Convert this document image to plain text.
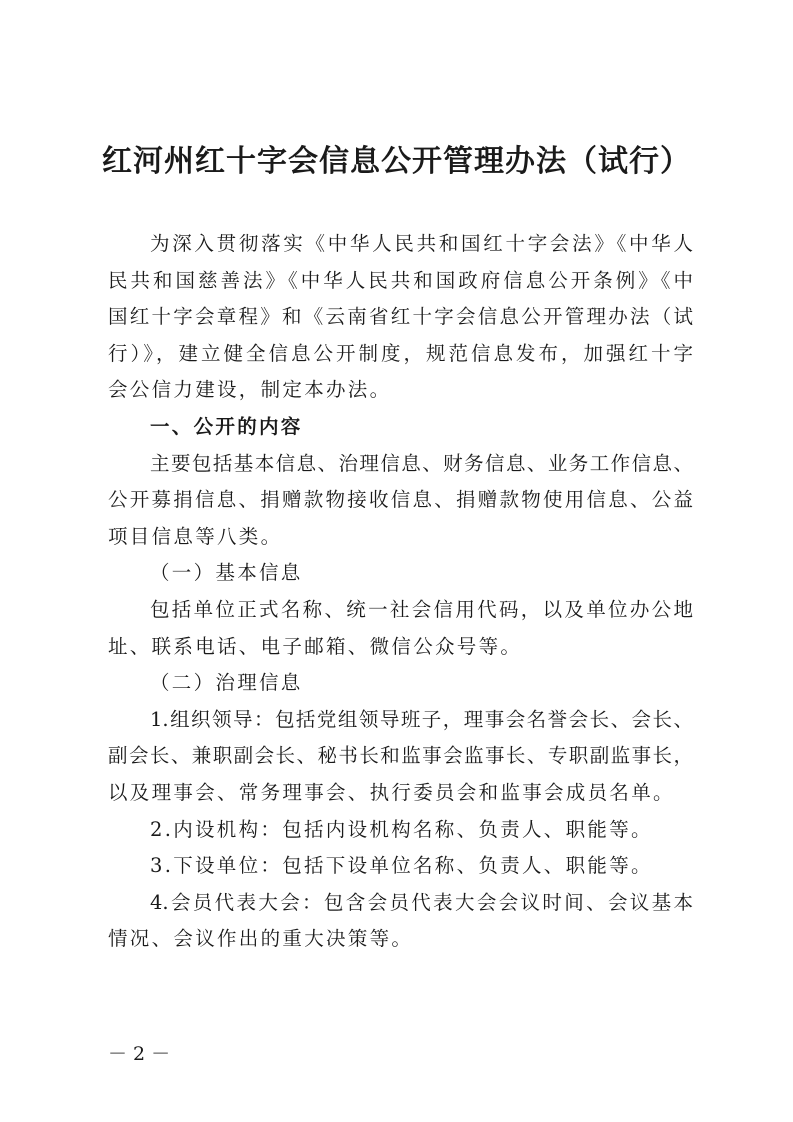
红河州红十字会信息公开管理办法（试行）
为深入贯彻落实《中华人民共和国红十字会法》《中华人
民共和国慈善法》《中华人民共和国政府信息公开条例》《中
国红十字会章程》和《云南省红十字会信息公开管理办法（试
行）》，建立健全信息公开制度，规范信息发布，加强红十字
会公信力建设，制定本办法。
一、公开的内容
主要包括基本信息、治理信息、财务信息、业务工作信息、
公开募捐信息、捐赠款物接收信息、捐赠款物使用信息、公益
项目信息等八类。
（一）基本信息
包括单位正式名称、统一社会信用代码，以及单位办公地
址、联系电话、电子邮箱、微信公众号等。
（二）治理信息
1.组织领导：包括党组领导班子，理事会名誉会长、会长、
副会长、兼职副会长、秘书长和监事会监事长、专职副监事长，
以及理事会、常务理事会、执行委员会和监事会成员名单。
2.内设机构：包括内设机构名称、负责人、职能等。
3.下设单位：包括下设单位名称、负责人、职能等。
4.会员代表大会：包含会员代表大会会议时间、会议基本
情况、会议作出的重大决策等。
－ 2 －
